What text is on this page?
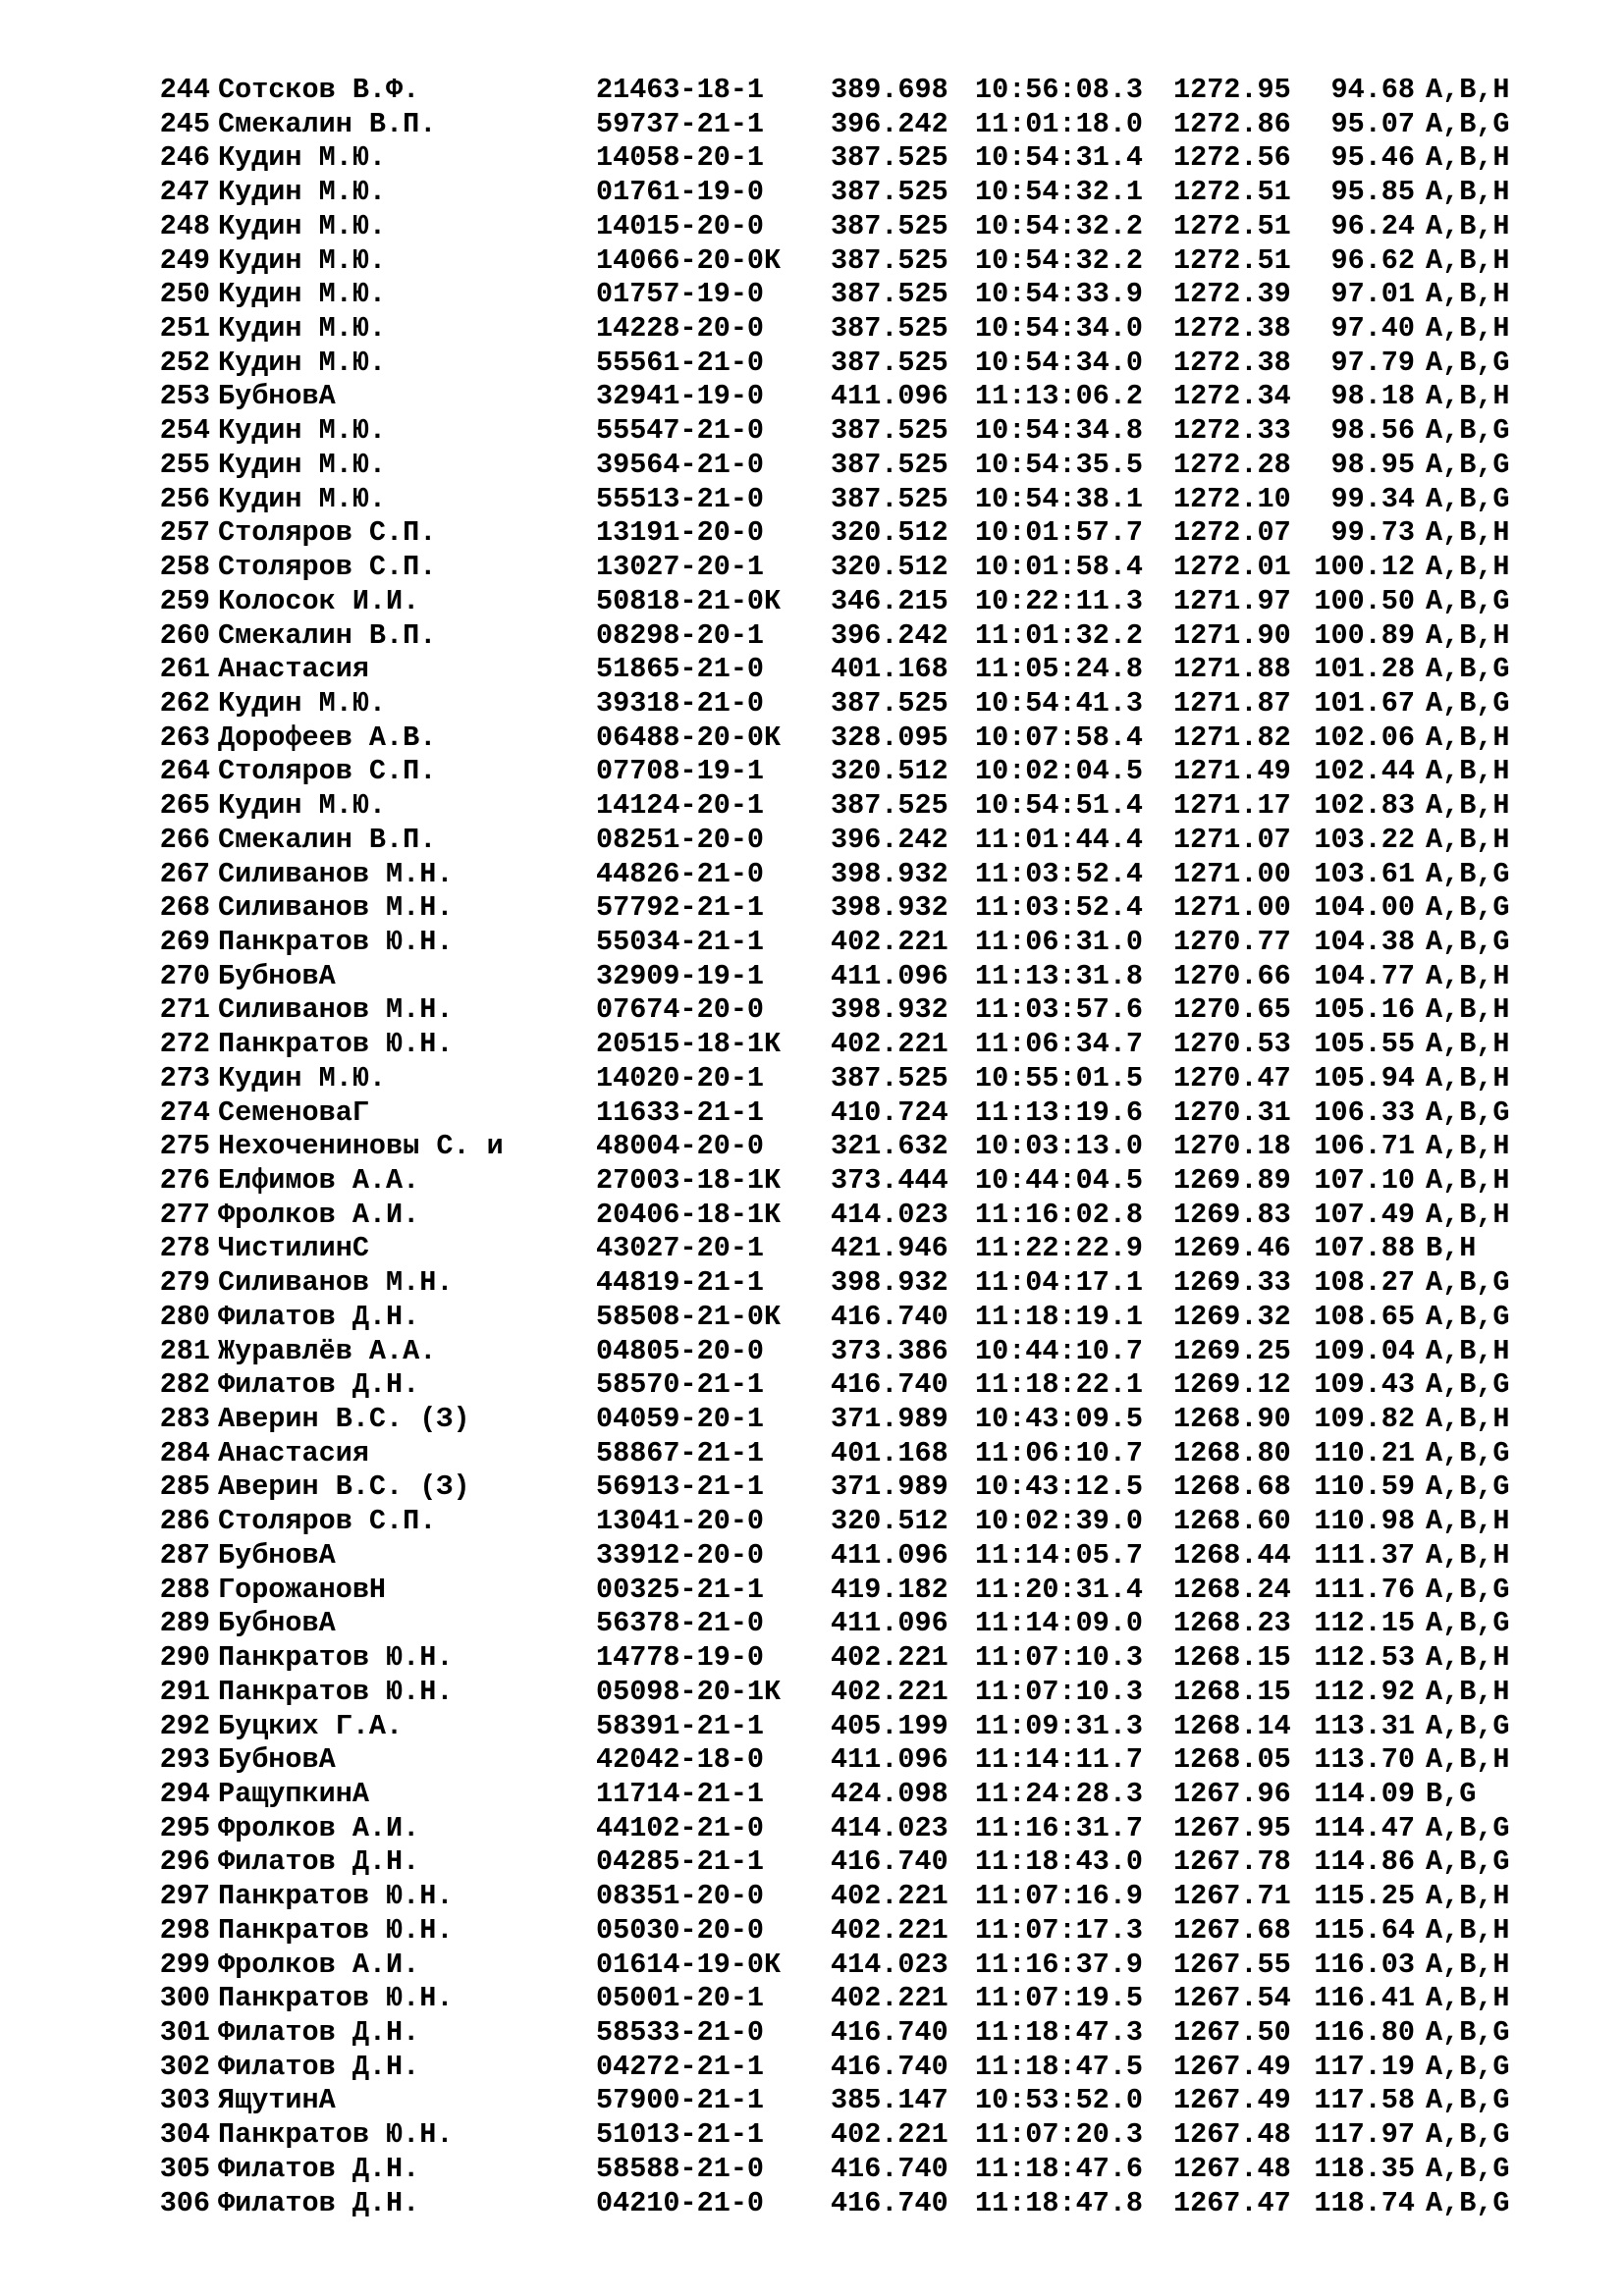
244 Сотсков В.Ф.	21463-18-1 389.698 10:56:08.3 1272.95	94.68 A,B,H
245 Смекалин В.П.	59737-21-1 396.242 11:01:18.0 1272.86	95.07 A,B,G
246 Кудин М.Ю.	14058-20-1 387.525 10:54:31.4 1272.56	95.46 A,B,H
247 Кудин М.Ю.	01761-19-0 387.525 10:54:32.1 1272.51	95.85 A,B,H
248 Кудин М.Ю.	14015-20-0 387.525 10:54:32.2 1272.51	96.24 A,B,H
249 Кудин М.Ю.	14066-20-0К 387.525 10:54:32.2 1272.51	96.62 A,B,H
250 Кудин М.Ю.	01757-19-0 387.525 10:54:33.9 1272.39	97.01 A,B,H
251 Кудин М.Ю.	14228-20-0 387.525 10:54:34.0 1272.38	97.40 A,B,H
252 Кудин М.Ю.	55561-21-0 387.525 10:54:34.0 1272.38	97.79 A,B,G
253 БубновА	32941-19-0 411.096 11:13:06.2 1272.34	98.18 A,B,H
254 Кудин М.Ю.	55547-21-0 387.525 10:54:34.8 1272.33	98.56 A,B,G
255 Кудин М.Ю.	39564-21-0 387.525 10:54:35.5 1272.28	98.95 A,B,G
256 Кудин М.Ю.	55513-21-0 387.525 10:54:38.1 1272.10	99.34 A,B,G
257 Столяров С.П.	13191-20-0 320.512 10:01:57.7 1272.07	99.73 A,B,H
258 Столяров С.П.	13027-20-1 320.512 10:01:58.4 1272.01 100.12 A,B,H
259 Колосок И.И.	50818-21-0К 346.215 10:22:11.3 1271.97 100.50 A,B,G
260 Смекалин В.П.	08298-20-1 396.242 11:01:32.2 1271.90 100.89 A,B,H
261 Анастасия	51865-21-0 401.168 11:05:24.8 1271.88 101.28 A,B,G
262 Кудин М.Ю.	39318-21-0 387.525 10:54:41.3 1271.87 101.67 A,B,G
263 Дорофеев А.В.	06488-20-0К 328.095 10:07:58.4 1271.82 102.06 A,B,H
264 Столяров С.П.	07708-19-1 320.512 10:02:04.5 1271.49 102.44 A,B,H
265 Кудин М.Ю.	14124-20-1 387.525 10:54:51.4 1271.17 102.83 A,B,H
266 Смекалин В.П.	08251-20-0 396.242 11:01:44.4 1271.07 103.22 A,B,H
267 Силиванов М.Н.	44826-21-0 398.932 11:03:52.4 1271.00 103.61 A,B,G
268 Силиванов М.Н.	57792-21-1 398.932 11:03:52.4 1271.00 104.00 A,B,G
269 Панкратов Ю.Н.	55034-21-1 402.221 11:06:31.0 1270.77 104.38 A,B,G
270 БубновА	32909-19-1 411.096 11:13:31.8 1270.66 104.77 A,B,H
271 Силиванов М.Н.	07674-20-0 398.932 11:03:57.6 1270.65 105.16 A,B,H
272 Панкратов Ю.Н.	20515-18-1К 402.221 11:06:34.7 1270.53 105.55 A,B,H
273 Кудин М.Ю.	14020-20-1 387.525 10:55:01.5 1270.47 105.94 A,B,H
274 СеменоваГ	11633-21-1 410.724 11:13:19.6 1270.31 106.33 A,B,G
275 Нехочениновы С. и	48004-20-0 321.632 10:03:13.0 1270.18 106.71 A,B,H
276 Елфимов А.А.	27003-18-1К 373.444 10:44:04.5 1269.89 107.10 A,B,H
277 Фролков А.И.	20406-18-1К 414.023 11:16:02.8 1269.83 107.49 A,B,H
278 ЧистилинС	43027-20-1 421.946 11:22:22.9 1269.46 107.88 B,H
279 Силиванов М.Н.	44819-21-1 398.932 11:04:17.1 1269.33 108.27 A,B,G
280 Филатов Д.Н.	58508-21-0К 416.740 11:18:19.1 1269.32 108.65 A,B,G
281 Журавлёв А.А.	04805-20-0 373.386 10:44:10.7 1269.25 109.04 A,B,H
282 Филатов Д.Н.	58570-21-1 416.740 11:18:22.1 1269.12 109.43 A,B,G
283 Аверин В.С. (З)	04059-20-1 371.989 10:43:09.5 1268.90 109.82 A,B,H
284 Анастасия	58867-21-1 401.168 11:06:10.7 1268.80 110.21 A,B,G
285 Аверин В.С. (З)	56913-21-1 371.989 10:43:12.5 1268.68 110.59 A,B,G
286 Столяров С.П.	13041-20-0 320.512 10:02:39.0 1268.60 110.98 A,B,H
287 БубновА	33912-20-0 411.096 11:14:05.7 1268.44 111.37 A,B,H
288 ГорожановН	00325-21-1 419.182 11:20:31.4 1268.24 111.76 A,B,G
289 БубновА	56378-21-0 411.096 11:14:09.0 1268.23 112.15 A,B,G
290 Панкратов Ю.Н.	14778-19-0 402.221 11:07:10.3 1268.15 112.53 A,B,H
291 Панкратов Ю.Н.	05098-20-1К 402.221 11:07:10.3 1268.15 112.92 A,B,H
292 Буцких Г.А.	58391-21-1 405.199 11:09:31.3 1268.14 113.31 A,B,G
293 БубновА	42042-18-0 411.096 11:14:11.7 1268.05 113.70 A,B,H
294 РащупкинА	11714-21-1 424.098 11:24:28.3 1267.96 114.09 B,G
295 Фролков А.И.	44102-21-0 414.023 11:16:31.7 1267.95 114.47 A,B,G
296 Филатов Д.Н.	04285-21-1 416.740 11:18:43.0 1267.78 114.86 A,B,G
297 Панкратов Ю.Н.	08351-20-0 402.221 11:07:16.9 1267.71 115.25 A,B,H
298 Панкратов Ю.Н.	05030-20-0 402.221 11:07:17.3 1267.68 115.64 A,B,H
299 Фролков А.И.	01614-19-0К 414.023 11:16:37.9 1267.55 116.03 A,B,H
300 Панкратов Ю.Н.	05001-20-1 402.221 11:07:19.5 1267.54 116.41 A,B,H
301 Филатов Д.Н.	58533-21-0 416.740 11:18:47.3 1267.50 116.80 A,B,G
302 Филатов Д.Н.	04272-21-1 416.740 11:18:47.5 1267.49 117.19 A,B,G
303 ЯщутинА	57900-21-1 385.147 10:53:52.0 1267.49 117.58 A,B,G
304 Панкратов Ю.Н.	51013-21-1 402.221 11:07:20.3 1267.48 117.97 A,B,G
305 Филатов Д.Н.	58588-21-0 416.740 11:18:47.6 1267.48 118.35 A,B,G
306 Филатов Д.Н.	04210-21-0 416.740 11:18:47.8 1267.47 118.74 A,B,G
